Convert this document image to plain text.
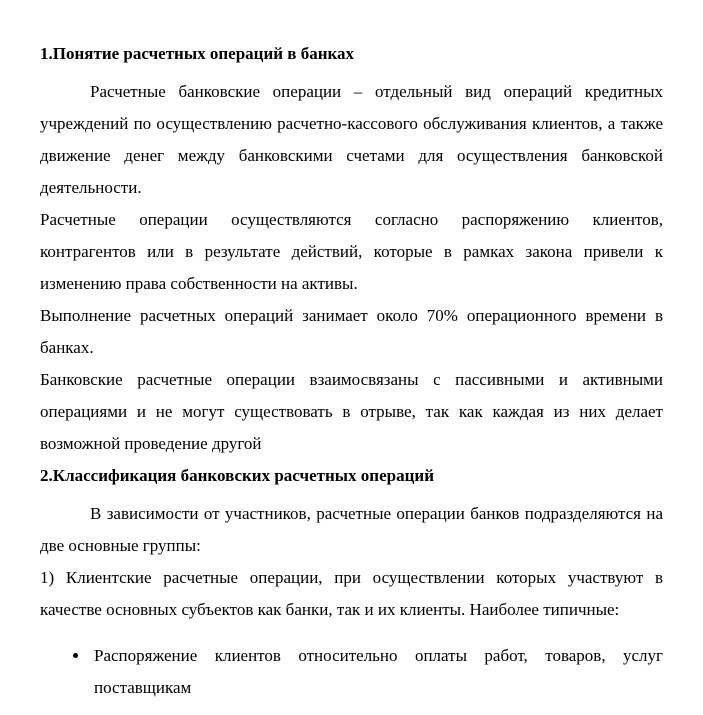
1.Понятие расчетных операций в банках

Расчетные банковские операции – отдельный вид операций кредитных учреждений по осуществлению расчетно-кассового обслуживания клиентов, а также движение денег между банковскими счетами для осуществления банковской деятельности.

Расчетные операции осуществляются согласно распоряжению клиентов, контрагентов или в результате действий, которые в рамках закона привели к изменению права собственности на активы.

Выполнение расчетных операций занимает около 70% операционного времени в банках.

Банковские расчетные операции взаимосвязаны с пассивными и активными операциями и не могут существовать в отрыве, так как каждая из них делает возможной проведение другой

2.Классификация банковских расчетных операций

В зависимости от участников, расчетные операции банков подразделяются на две основные группы:

1) Клиентские расчетные операции, при осуществлении которых участвуют в качестве основных субъектов как банки, так и их клиенты. Наиболее типичные:

• Распоряжение клиентов относительно оплаты работ, товаров, услуг поставщикам
